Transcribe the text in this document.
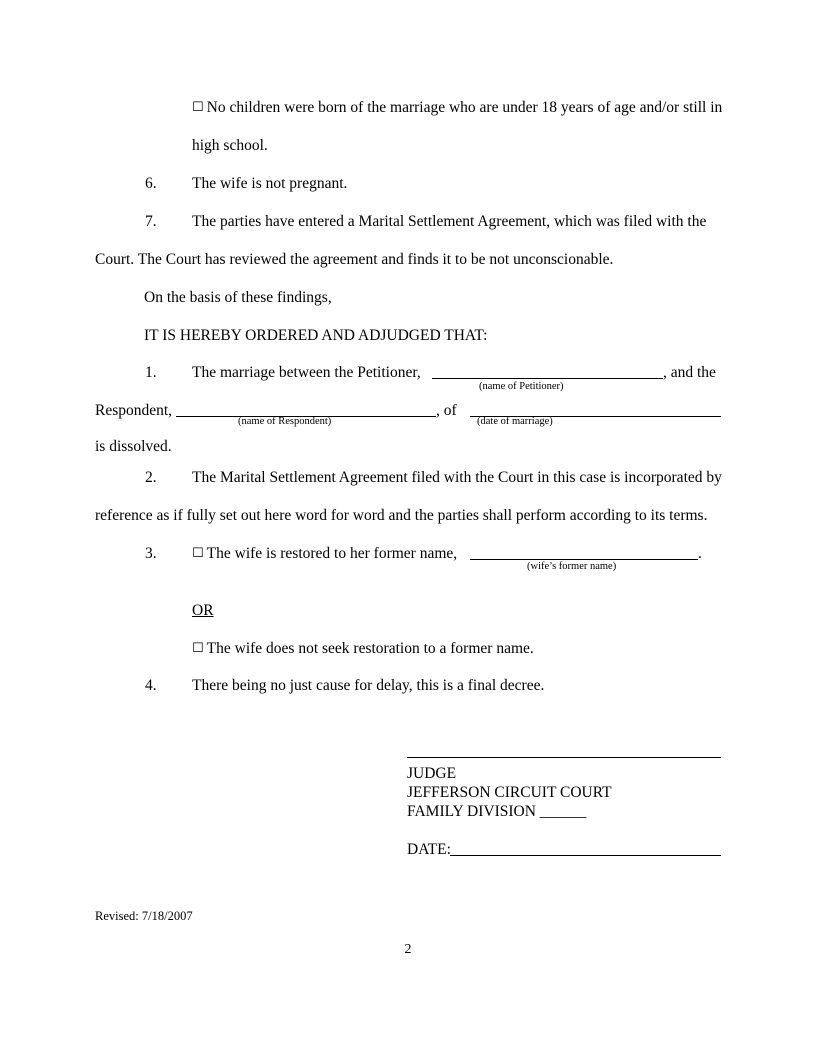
☐ No children were born of the marriage who are under 18 years of age and/or still in
high school.
6. The wife is not pregnant.
7. The parties have entered a Marital Settlement Agreement, which was filed with the
Court. The Court has reviewed the agreement and finds it to be not unconscionable.
On the basis of these findings,
IT IS HEREBY ORDERED AND ADJUDGED THAT:
1. The marriage between the Petitioner,	, and the
(name of Petitioner)
Respondent,	, of
(name of Respondent)	(date of marriage)
is dissolved.
2. The Marital Settlement Agreement filed with the Court in this case is incorporated by
reference as if fully set out here word for word and the parties shall perform according to its terms.
3.	☐ The wife is restored to her former name,	.
(wife’s former name)
OR
☐ The wife does not seek restoration to a former name.
4. There being no just cause for delay, this is a final decree.
JUDGE
JEFFERSON CIRCUIT COURT
FAMILY DIVISION ______
DATE:
Revised: 7/18/2007
2
